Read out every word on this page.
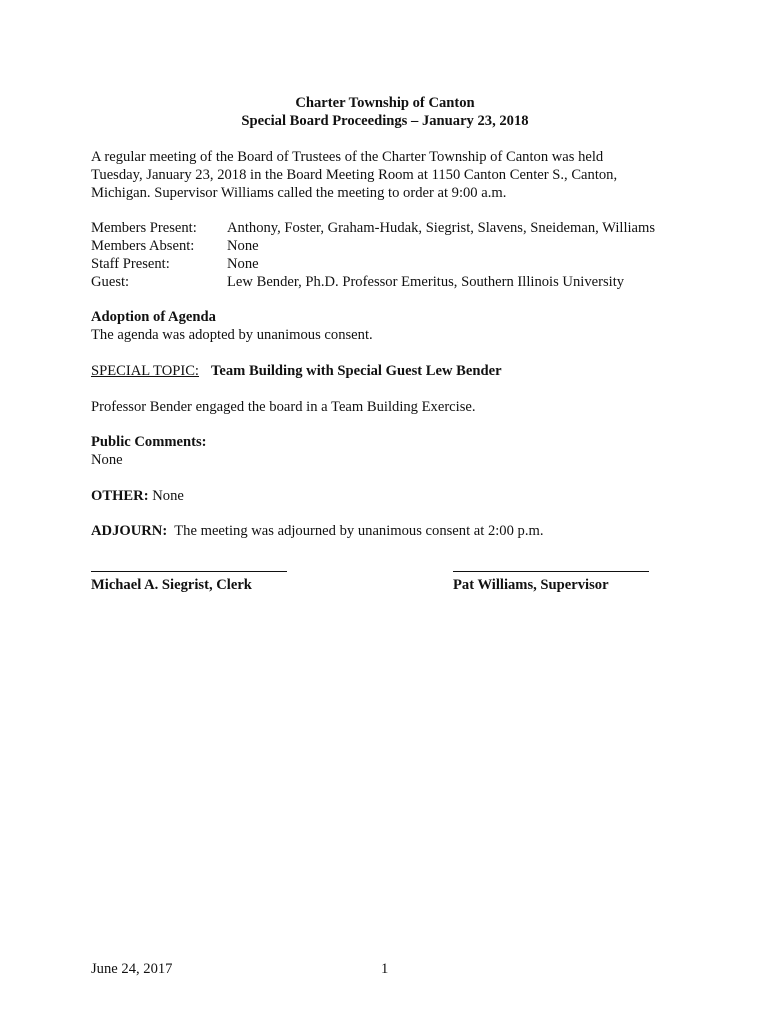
Charter Township of Canton
Special Board Proceedings – January 23, 2018
A regular meeting of the Board of Trustees of the Charter Township of Canton was held
Tuesday, January 23, 2018 in the Board Meeting Room at 1150 Canton Center S., Canton,
Michigan. Supervisor Williams called the meeting to order at 9:00 a.m.
Members Present:	Anthony, Foster, Graham-Hudak, Siegrist, Slavens, Sneideman, Williams
Members Absent:	None
Staff Present:	None
Guest:	Lew Bender, Ph.D. Professor Emeritus, Southern Illinois University
Adoption of Agenda
The agenda was adopted by unanimous consent.
SPECIAL TOPIC: Team Building with Special Guest Lew Bender
Professor Bender engaged the board in a Team Building Exercise.
Public Comments:
None
OTHER: None
ADJOURN: The meeting was adjourned by unanimous consent at 2:00 p.m.
Michael A. Siegrist, Clerk	Pat Williams, Supervisor
June 24, 2017	1
